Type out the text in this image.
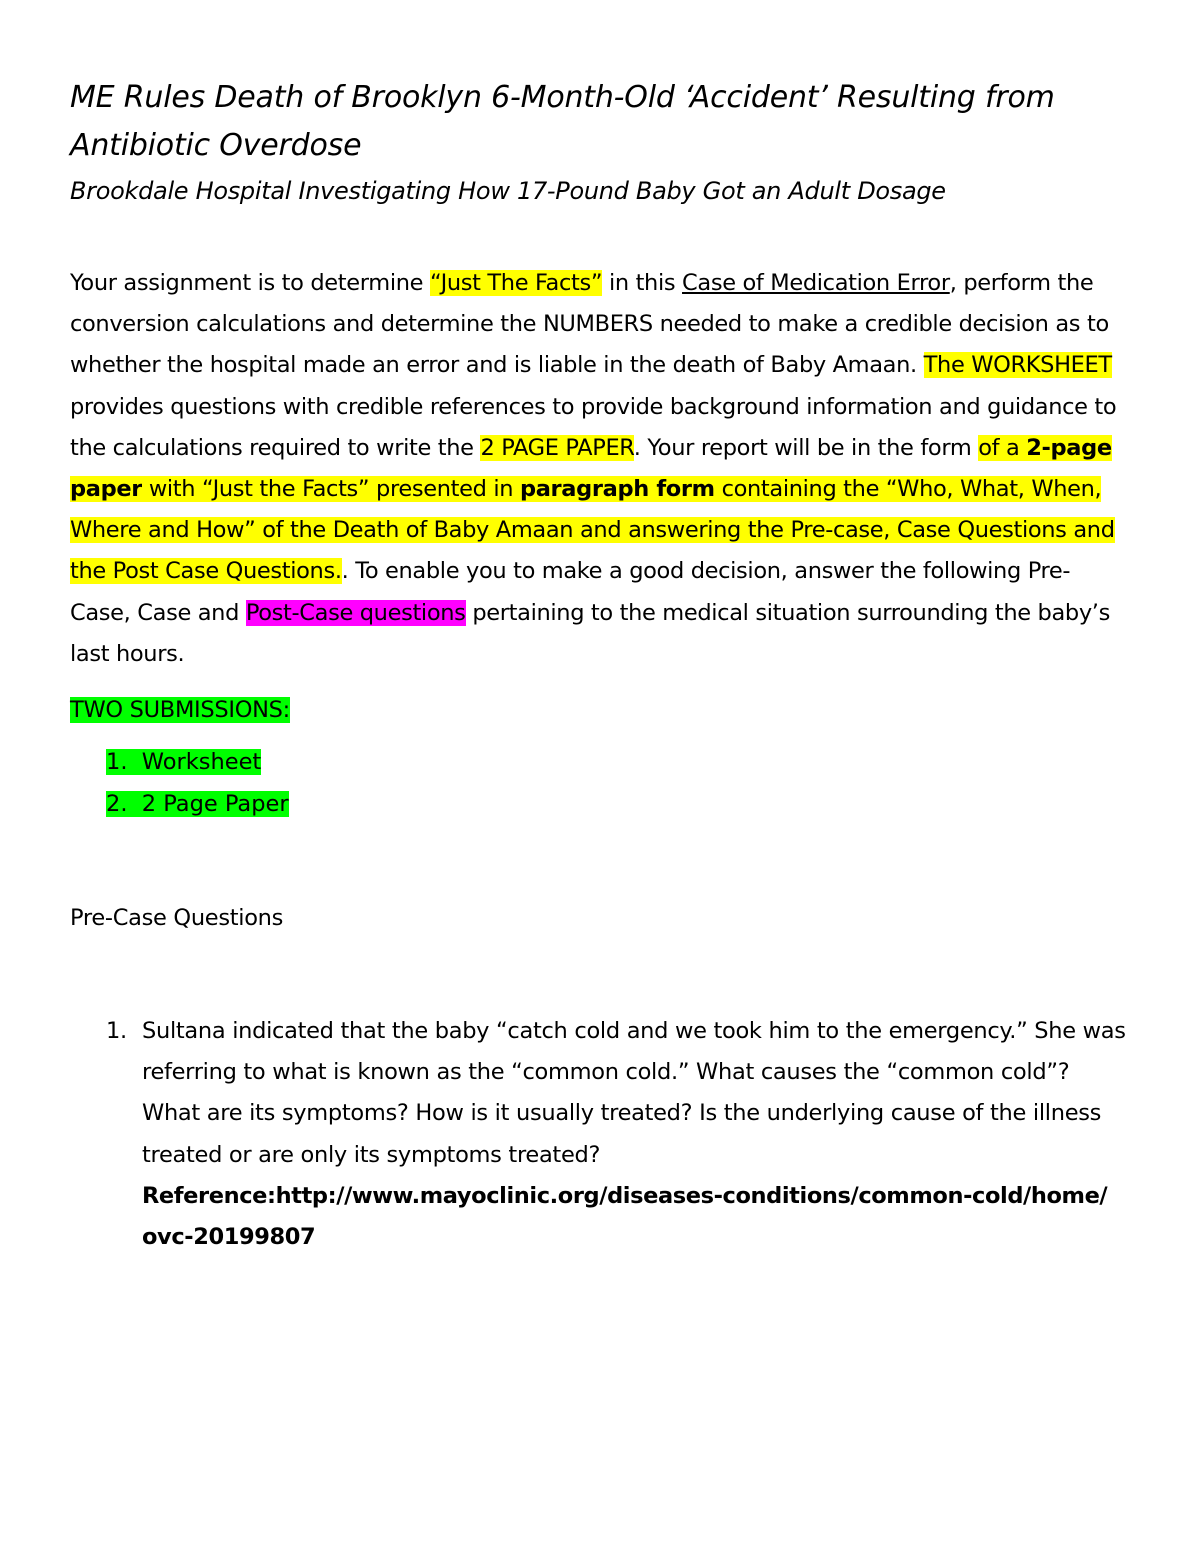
ME Rules Death of Brooklyn 6-Month-Old ‘Accident’ Resulting from Antibiotic Overdose
Brookdale Hospital Investigating How 17-Pound Baby Got an Adult Dosage

Your assignment is to determine “Just The Facts” in this Case of Medication Error, perform the conversion calculations and determine the NUMBERS needed to make a credible decision as to whether the hospital made an error and is liable in the death of Baby Amaan. The WORKSHEET provides questions with credible references to provide background information and guidance to the calculations required to write the 2 PAGE PAPER. Your report will be in the form of a 2-page paper with “Just the Facts” presented in paragraph form containing the “Who, What, When, Where and How” of the Death of Baby Amaan and answering the Pre-case, Case Questions and the Post Case Questions.. To enable you to make a good decision, answer the following Pre-Case, Case and Post-Case questions pertaining to the medical situation surrounding the baby’s last hours.

TWO SUBMISSIONS:
1. Worksheet
2. 2 Page Paper
Pre-Case Questions
1. Sultana indicated that the baby “catch cold and we took him to the emergency.” She was referring to what is known as the “common cold.” What causes the “common cold”? What are its symptoms? How is it usually treated? Is the underlying cause of the illness treated or are only its symptoms treated?
Reference:http://www.mayoclinic.org/diseases-conditions/common-cold/home/ovc-20199807
